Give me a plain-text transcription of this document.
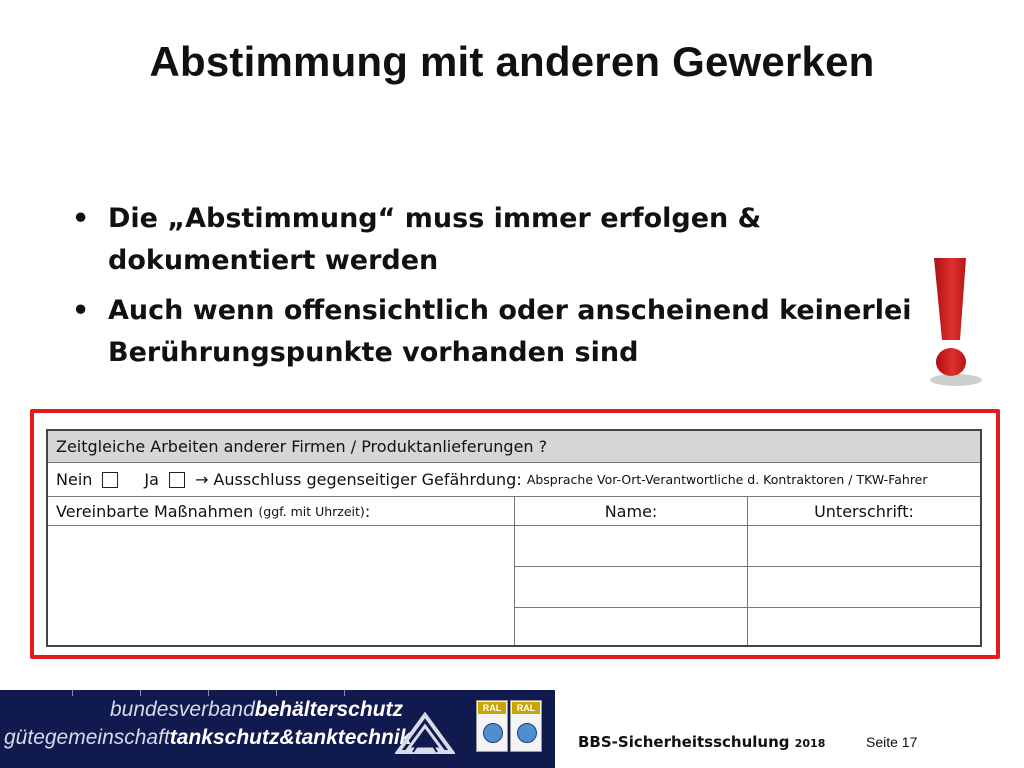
Abstimmung mit anderen Gewerken
• Die „Abstimmung“ muss immer erfolgen & dokumentiert werden
• Auch wenn offensichtlich oder anscheinend keinerlei Berührungspunkte vorhanden sind
Zeitgleiche Arbeiten anderer Firmen / Produktanlieferungen ?
Nein	Ja → Ausschluss gegenseitiger Gefährdung:
Absprache Vor-Ort-Verantwortliche d. Kontraktoren / TKW-Fahrer
Vereinbarte Maßnahmen
(ggf. mit Uhrzeit) :	Name:	Unterschrift:
bundesverbandbehälterschutz
gütegemeinschafttankschutz&tanktechnik
RAL	RAL
BBS-Sicherheitsschulung 2018	Seite 17
